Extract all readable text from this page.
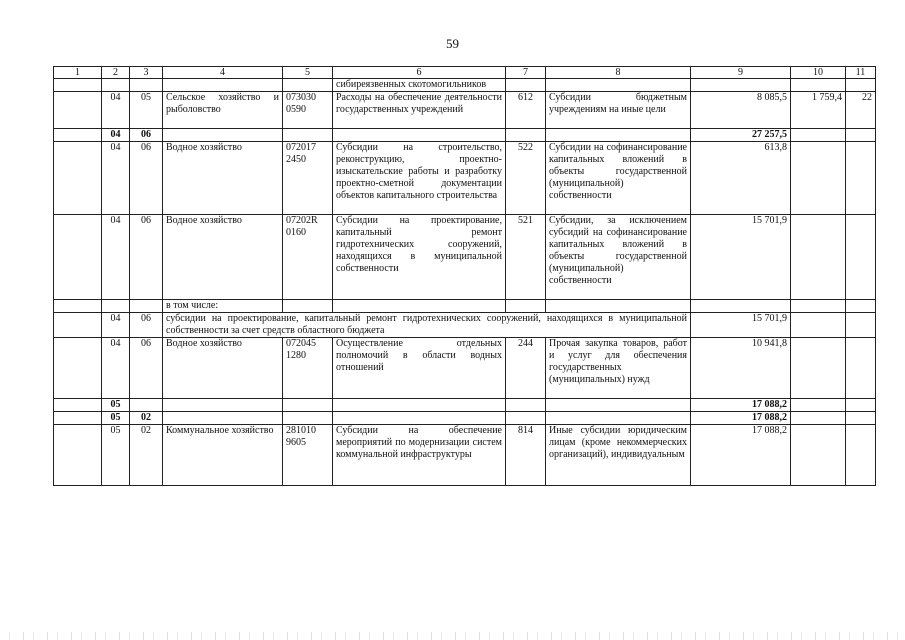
59
1	2	3	4	5	6	7	8	9	10	11
					сибиреязвенных скотомогильников					
	04	05	Сельское хозяйство и рыболовство	073030 0590	Расходы на обеспечение деятельности государственных учреждений	612	Субсидии бюджетным учреждениям на иные цели	8 085,5	1 759,4	22
	04	06						27 257,5		
	04	06	Водное хозяйство	072017 2450	Субсидии на строительство, реконструкцию, проектно-изыскательские работы и разработку проектно-сметной документации объектов капитального строительства	522	Субсидии на софинансирование капитальных вложений в объекты государственной (муниципальной) собственности	613,8		
	04	06	Водное хозяйство	07202R 0160	Субсидии на проектирование, капитальный ремонт гидротехнических сооружений, находящихся в муниципальной собственности	521	Субсидии, за исключением субсидий на софинансирование капитальных вложений в объекты государственной (муниципальной) собственности	15 701,9		
			в том числе:							
	04	06	субсидии на проектирование, капитальный ремонт гидротехнических сооружений, находящихся в муниципальной собственности за счет средств областного бюджета					15 701,9		
	04	06	Водное хозяйство	072045 1280	Осуществление отдельных полномочий в области водных отношений	244	Прочая закупка товаров, работ и услуг для обеспечения государственных (муниципальных) нужд	10 941,8		
	05							17 088,2		
	05	02						17 088,2		
	05	02	Коммунальное хозяйство	281010 9605	Субсидии на обеспечение мероприятий по модернизации систем коммунальной инфраструктуры	814	Иные субсидии юридическим лицам (кроме некоммерческих организаций), индивидуальным	17 088,2		
